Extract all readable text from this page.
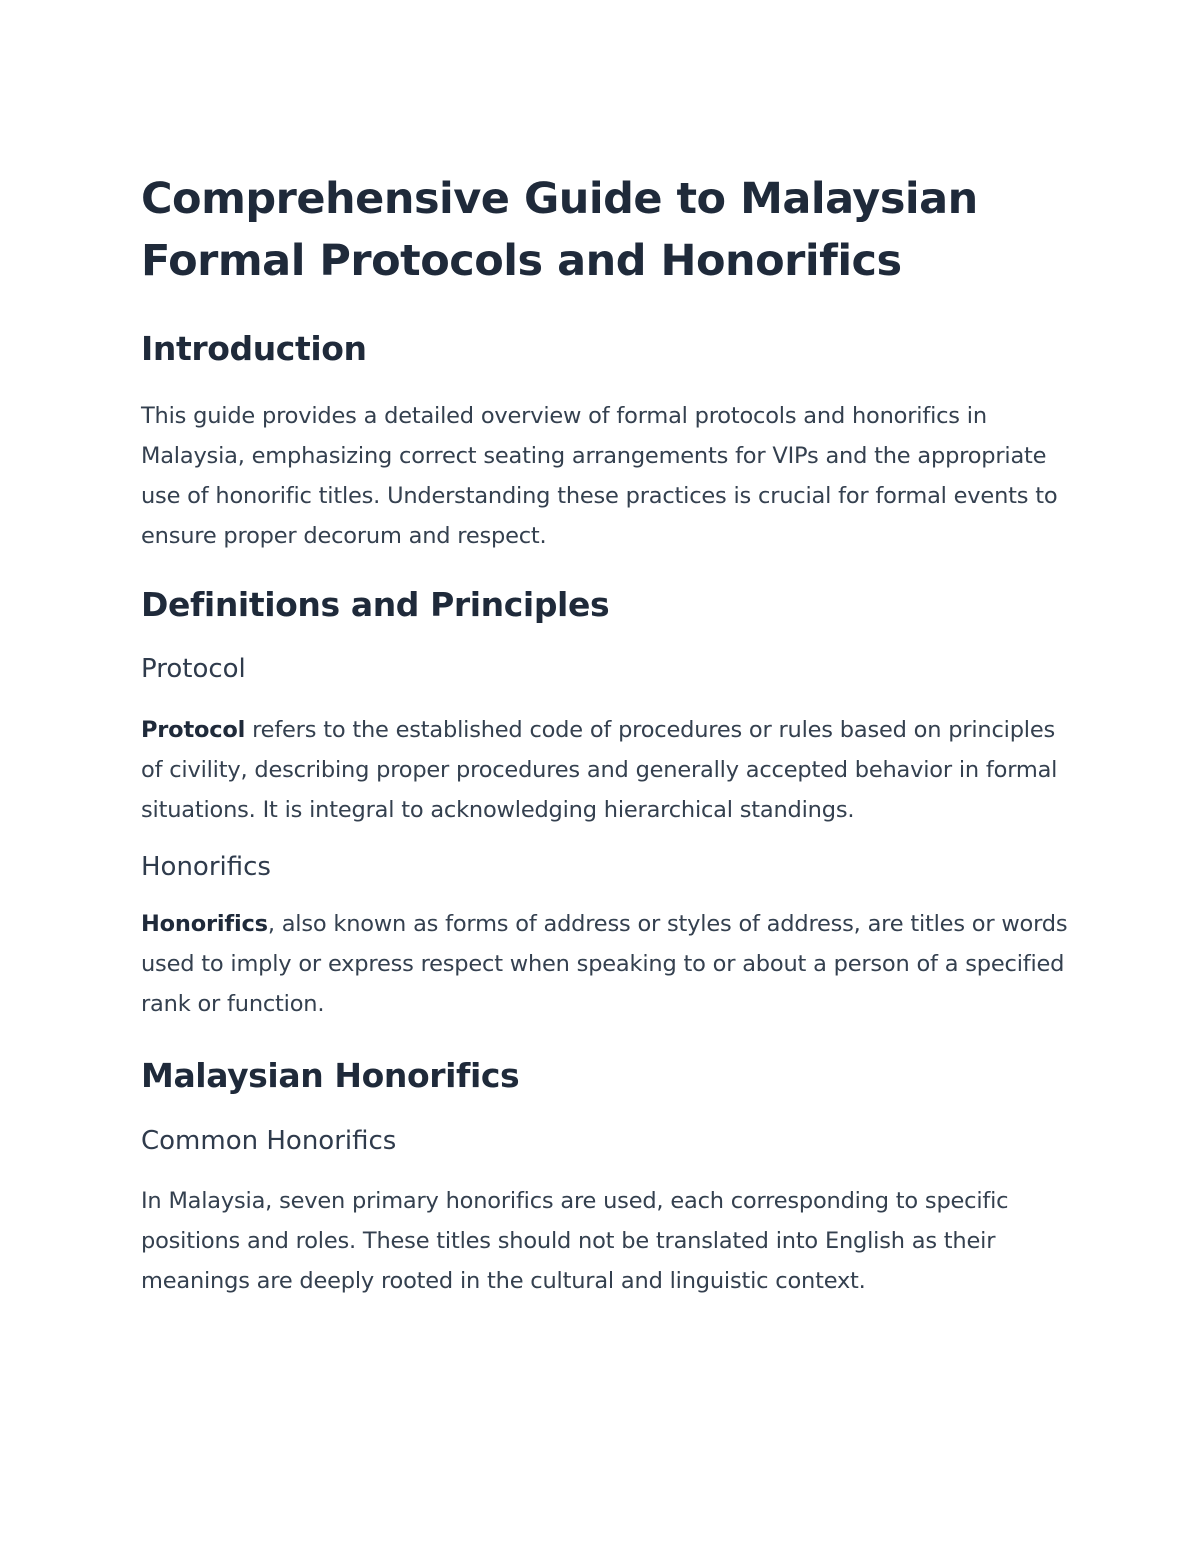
Comprehensive Guide to Malaysian Formal Protocols and Honorifics
Introduction

This guide provides a detailed overview of formal protocols and honorifics in Malaysia, emphasizing correct seating arrangements for VIPs and the appropriate use of honorific titles. Understanding these practices is crucial for formal events to ensure proper decorum and respect.

Definitions and Principles
Protocol

Protocol refers to the established code of procedures or rules based on principles of civility, describing proper procedures and generally accepted behavior in formal situations. It is integral to acknowledging hierarchical standings.

Honorifics

Honorifics, also known as forms of address or styles of address, are titles or words used to imply or express respect when speaking to or about a person of a specified rank or function.

Malaysian Honorifics
Common Honorifics

In Malaysia, seven primary honorifics are used, each corresponding to specific positions and roles. These titles should not be translated into English as their meanings are deeply rooted in the cultural and linguistic context.
